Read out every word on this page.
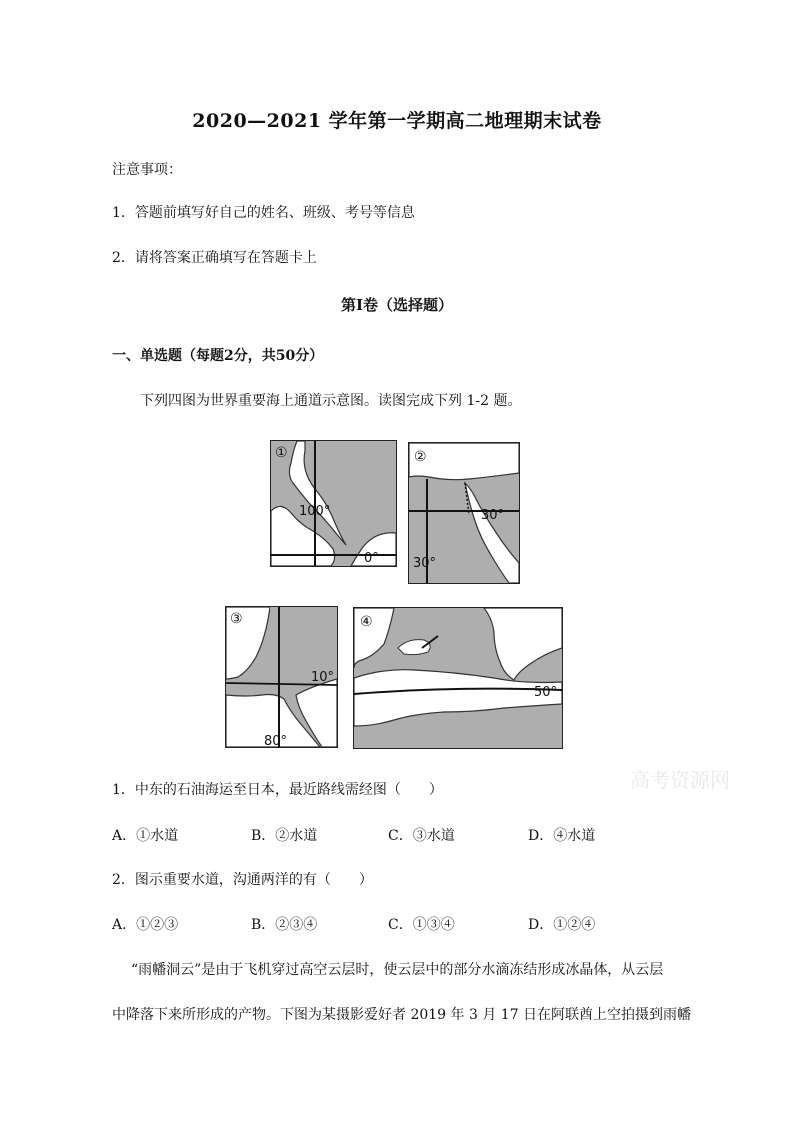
2020—2021 学年第一学期高二地理期末试卷
注意事项：
1．答题前填写好自己的姓名、班级、考号等信息
2．请将答案正确填写在答题卡上
第I卷（选择题）
一、单选题（每题2分，共50分）
下列四图为世界重要海上通道示意图。读图完成下列 1-2 题。
①
100°
0°
②
30°
30°
③
10°
80°
④
50°
高考资源网
1．中东的石油海运至日本，最近路线需经图（　　）
A．①水道	B．②水道	C．③水道	D．④水道
2．图示重要水道，沟通两洋的有（　　）
A．①②③	B．②③④	C．①③④	D．①②④
“雨幡洞云”是由于飞机穿过高空云层时，使云层中的部分水滴冻结形成冰晶体，从云层
中降落下来所形成的产物。下图为某摄影爱好者 2019 年 3 月 17 日在阿联酋上空拍摄到雨幡
